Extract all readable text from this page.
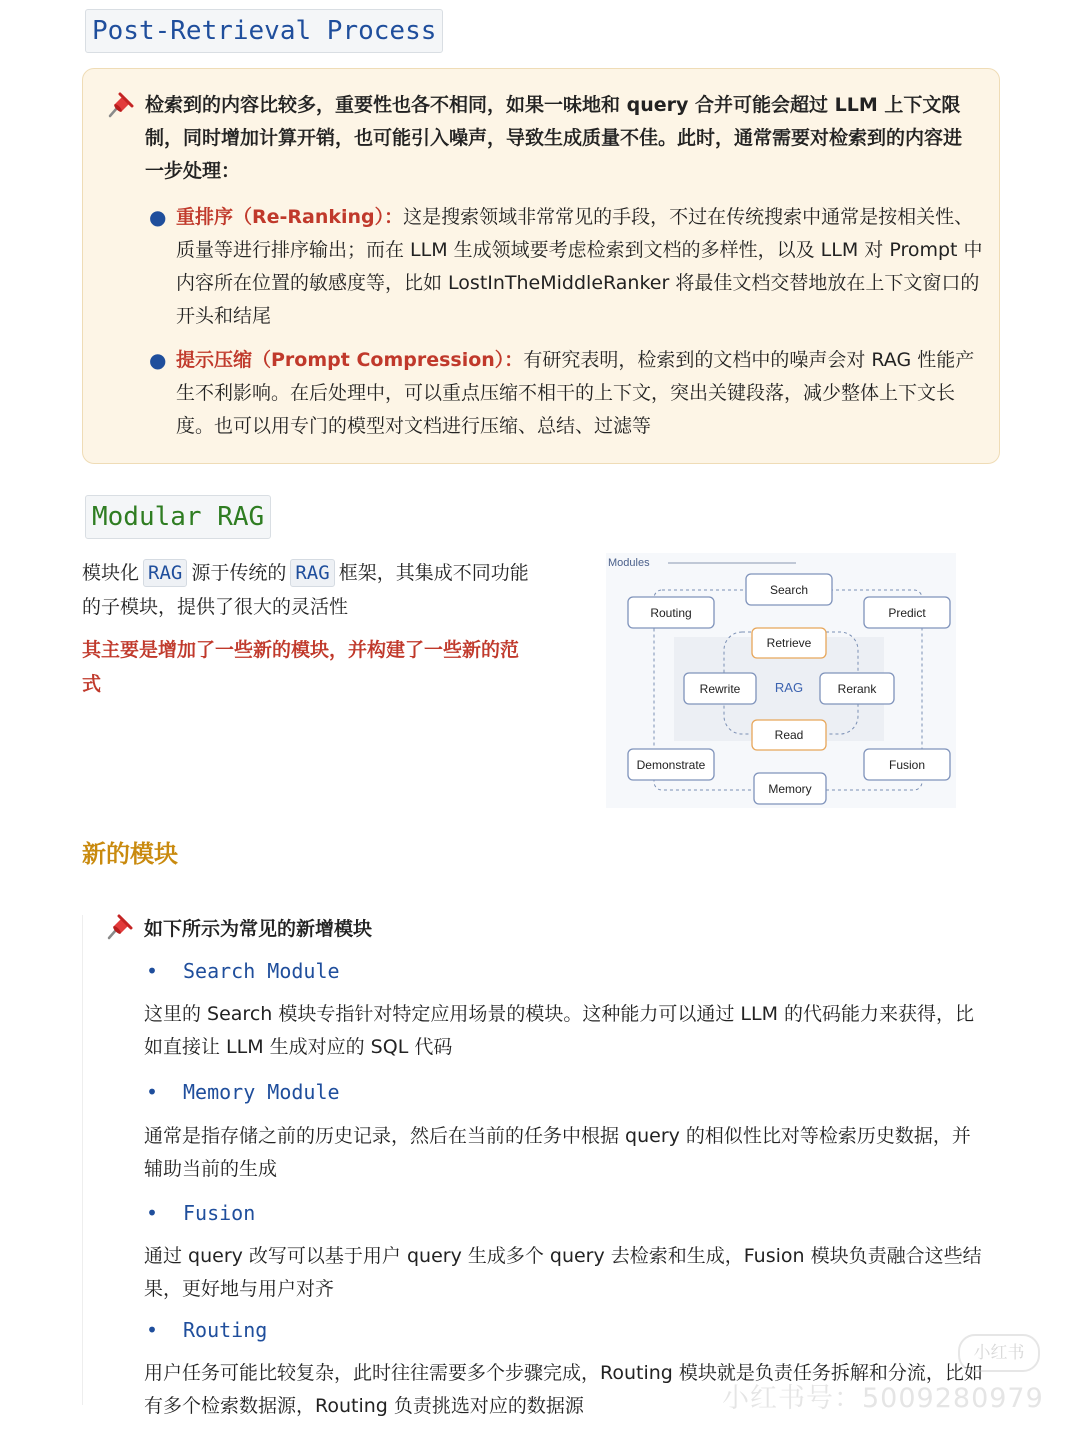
Post-Retrieval Process
检索到的内容比较多，重要性也各不相同，如果一味地和 query 合并可能会超过 LLM 上下文限制，同时增加计算开销，也可能引入噪声，导致生成质量不佳。此时，通常需要对检索到的内容进一步处理：
● 重排序（Re-Ranking）：这是搜索领域非常常见的手段，不过在传统搜索中通常是按相关性、质量等进行排序输出；而在 LLM 生成领域要考虑检索到文档的多样性，以及 LLM 对 Prompt 中内容所在位置的敏感度等，比如 LostInTheMiddleRanker 将最佳文档交替地放在上下文窗口的开头和结尾
● 提示压缩（Prompt Compression）：有研究表明，检索到的文档中的噪声会对 RAG 性能产生不利影响。在后处理中，可以重点压缩不相干的上下文，突出关键段落，减少整体上下文长度。也可以用专门的模型对文档进行压缩、总结、过滤等
Modular RAG
模块化 RAG 源于传统的 RAG 框架，其集成不同功能的子模块，提供了很大的灵活性
其主要是增加了一些新的模块，并构建了一些新的范式
Modules
Search
Routing	Predict
Retrieve
Rewrite	RAG	Rerank
Read
Demonstrate	Fusion
Memory
新的模块
如下所示为常见的新增模块
• Search Module
这里的 Search 模块专指针对特定应用场景的模块。这种能力可以通过 LLM 的代码能力来获得，比如直接让 LLM 生成对应的 SQL 代码
• Memory Module
通常是指存储之前的历史记录，然后在当前的任务中根据 query 的相似性比对等检索历史数据，并辅助当前的生成
• Fusion
通过 query 改写可以基于用户 query 生成多个 query 去检索和生成，Fusion 模块负责融合这些结果，更好地与用户对齐
• Routing
用户任务可能比较复杂，此时往往需要多个步骤完成，Routing 模块就是负责任务拆解和分流，比如有多个检索数据源，Routing 负责挑选对应的数据源
小红书
小红书号：5009280979
